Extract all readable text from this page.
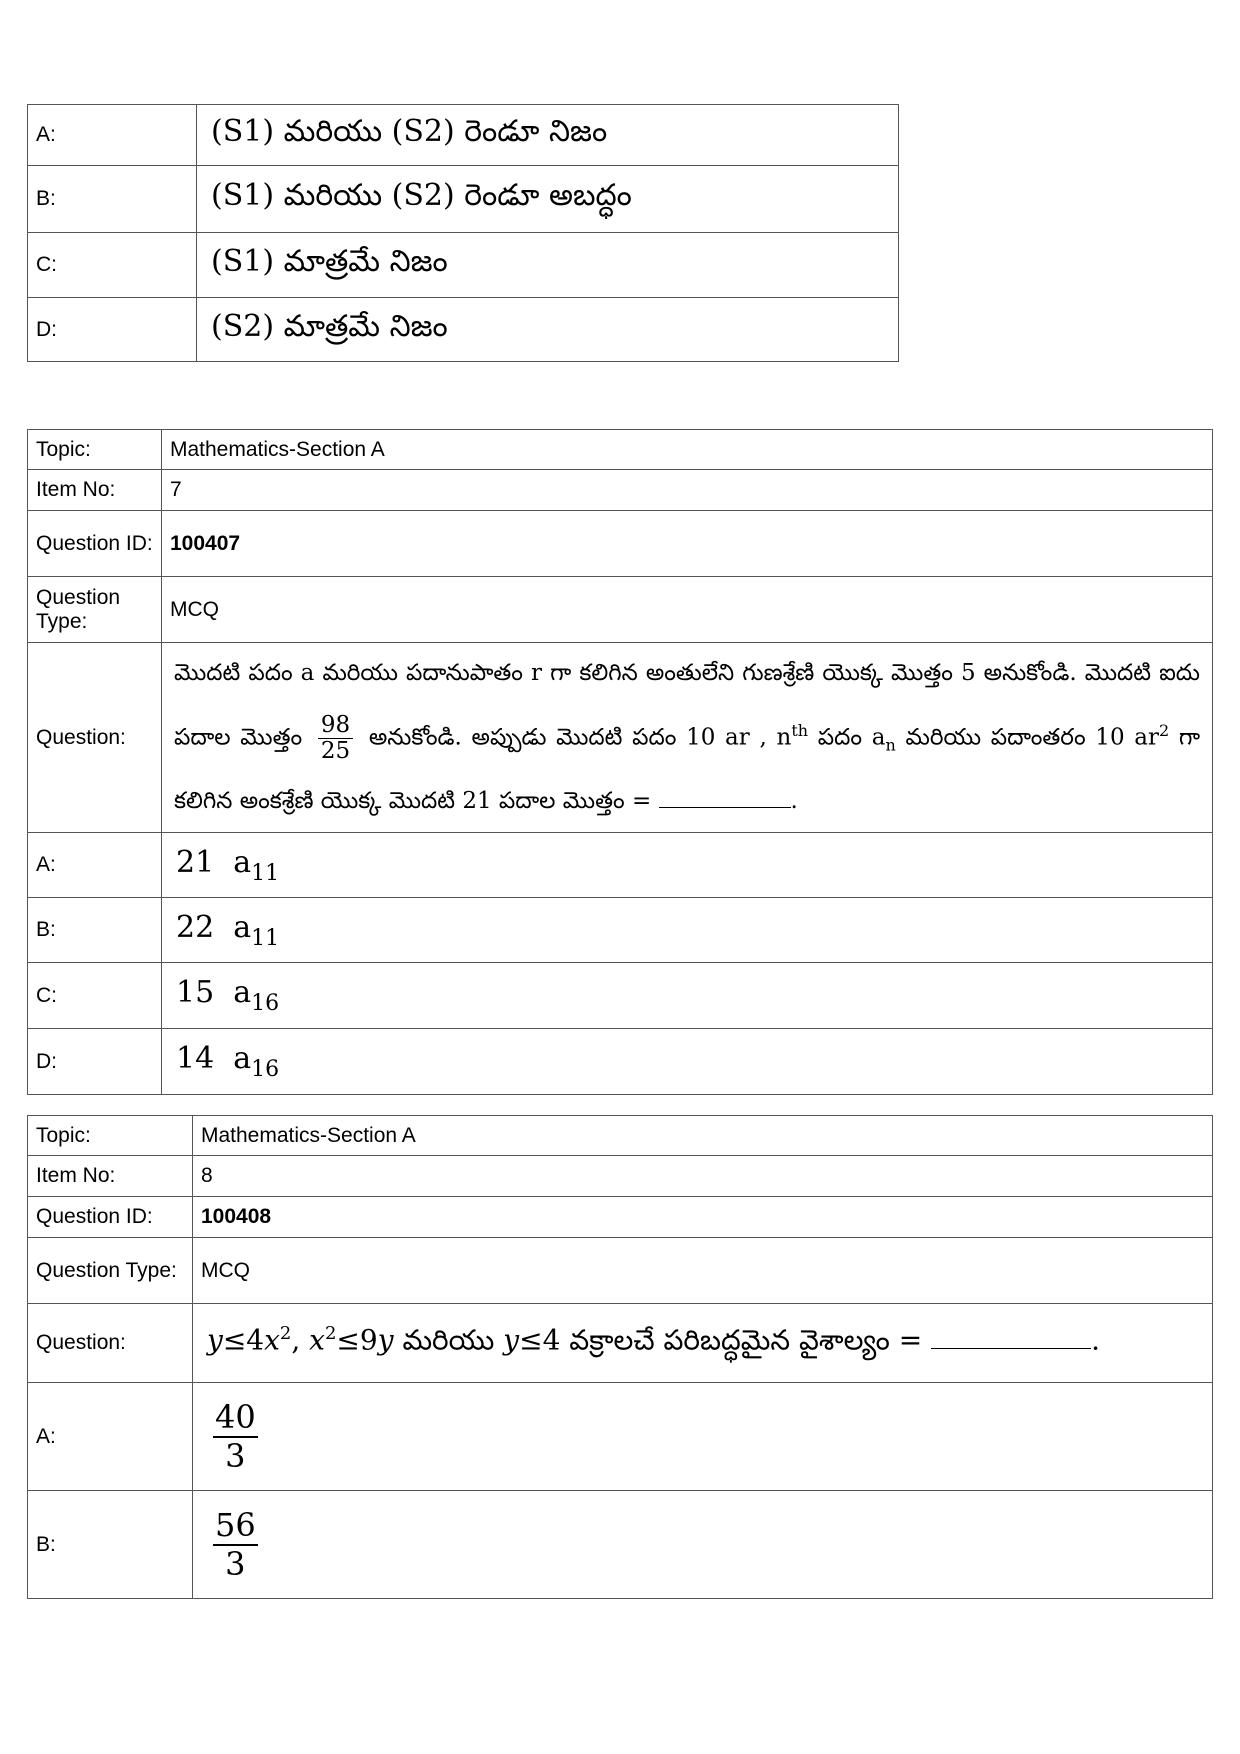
A:	(S1) మరియు (S2) రెండూ నిజం
B:	(S1) మరియు (S2) రెండూ అబద్ధం
C:	(S1) మాత్రమే నిజం
D:	(S2) మాత్రమే నిజం
Topic:	Mathematics-Section A
Item No:	7
Question ID:	100407
Question Type:	MCQ
Question:	మొదటి పదం a మరియు పదానుపాతం r గా కలిగిన అంతులేని గుణశ్రేణి యొక్క మొత్తం 5 అనుకోండి. మొదటి ఐదు పదాల మొత్తం $\frac{98}{25}$ అనుకోండి. అప్పుడు మొదటి పదం 10 ar , $n^{th}$ పదం $a_n$ మరియు పదాంతరం 10 $ar^2$ గా కలిగిన అంకశ్రేణి యొక్క మొదటి 21 పదాల మొత్తం = .
A:	21 $a_{11}$
B:	22 $a_{11}$
C:	15 $a_{16}$
D:	14 $a_{16}$
Topic:	Mathematics-Section A
Item No:	8
Question ID:	100408
Question Type:	MCQ
Question:	$y\le 4x^2$, $x^2\le 9y$ మరియు y≤4 వక్రాలచే పరిబద్ధమైన వైశాల్యం = .
A:	$\frac{40}{3}$

B:	$\frac{56}{3}$
